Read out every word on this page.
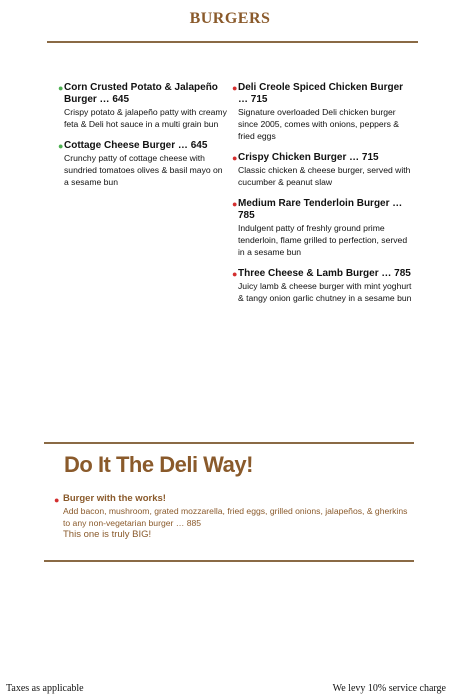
BURGERS
● Corn Crusted Potato & Jalapeño Burger … 645
Crispy potato & jalapeño patty with creamy feta & Deli hot sauce in a multi grain bun
● Cottage Cheese Burger … 645
Crunchy patty of cottage cheese with sundried tomatoes olives & basil mayo on a sesame bun
● Deli Creole Spiced Chicken Burger … 715
Signature overloaded Deli chicken burger since 2005, comes with onions, peppers & fried eggs
● Crispy Chicken Burger … 715
Classic chicken & cheese burger, served with cucumber & peanut slaw
● Medium Rare Tenderloin Burger … 785
Indulgent patty of freshly ground prime tenderloin, flame grilled to perfection, served in a sesame bun
● Three Cheese & Lamb Burger … 785
Juicy lamb & cheese burger with mint yoghurt & tangy onion garlic chutney in a sesame bun
Do It The Deli Way!
● Burger with the works!
Add bacon, mushroom, grated mozzarella, fried eggs, grilled onions, jalapeños, & gherkins to any non-vegetarian burger … 885
This one is truly BIG!
Taxes as applicable	We levy 10% service charge
